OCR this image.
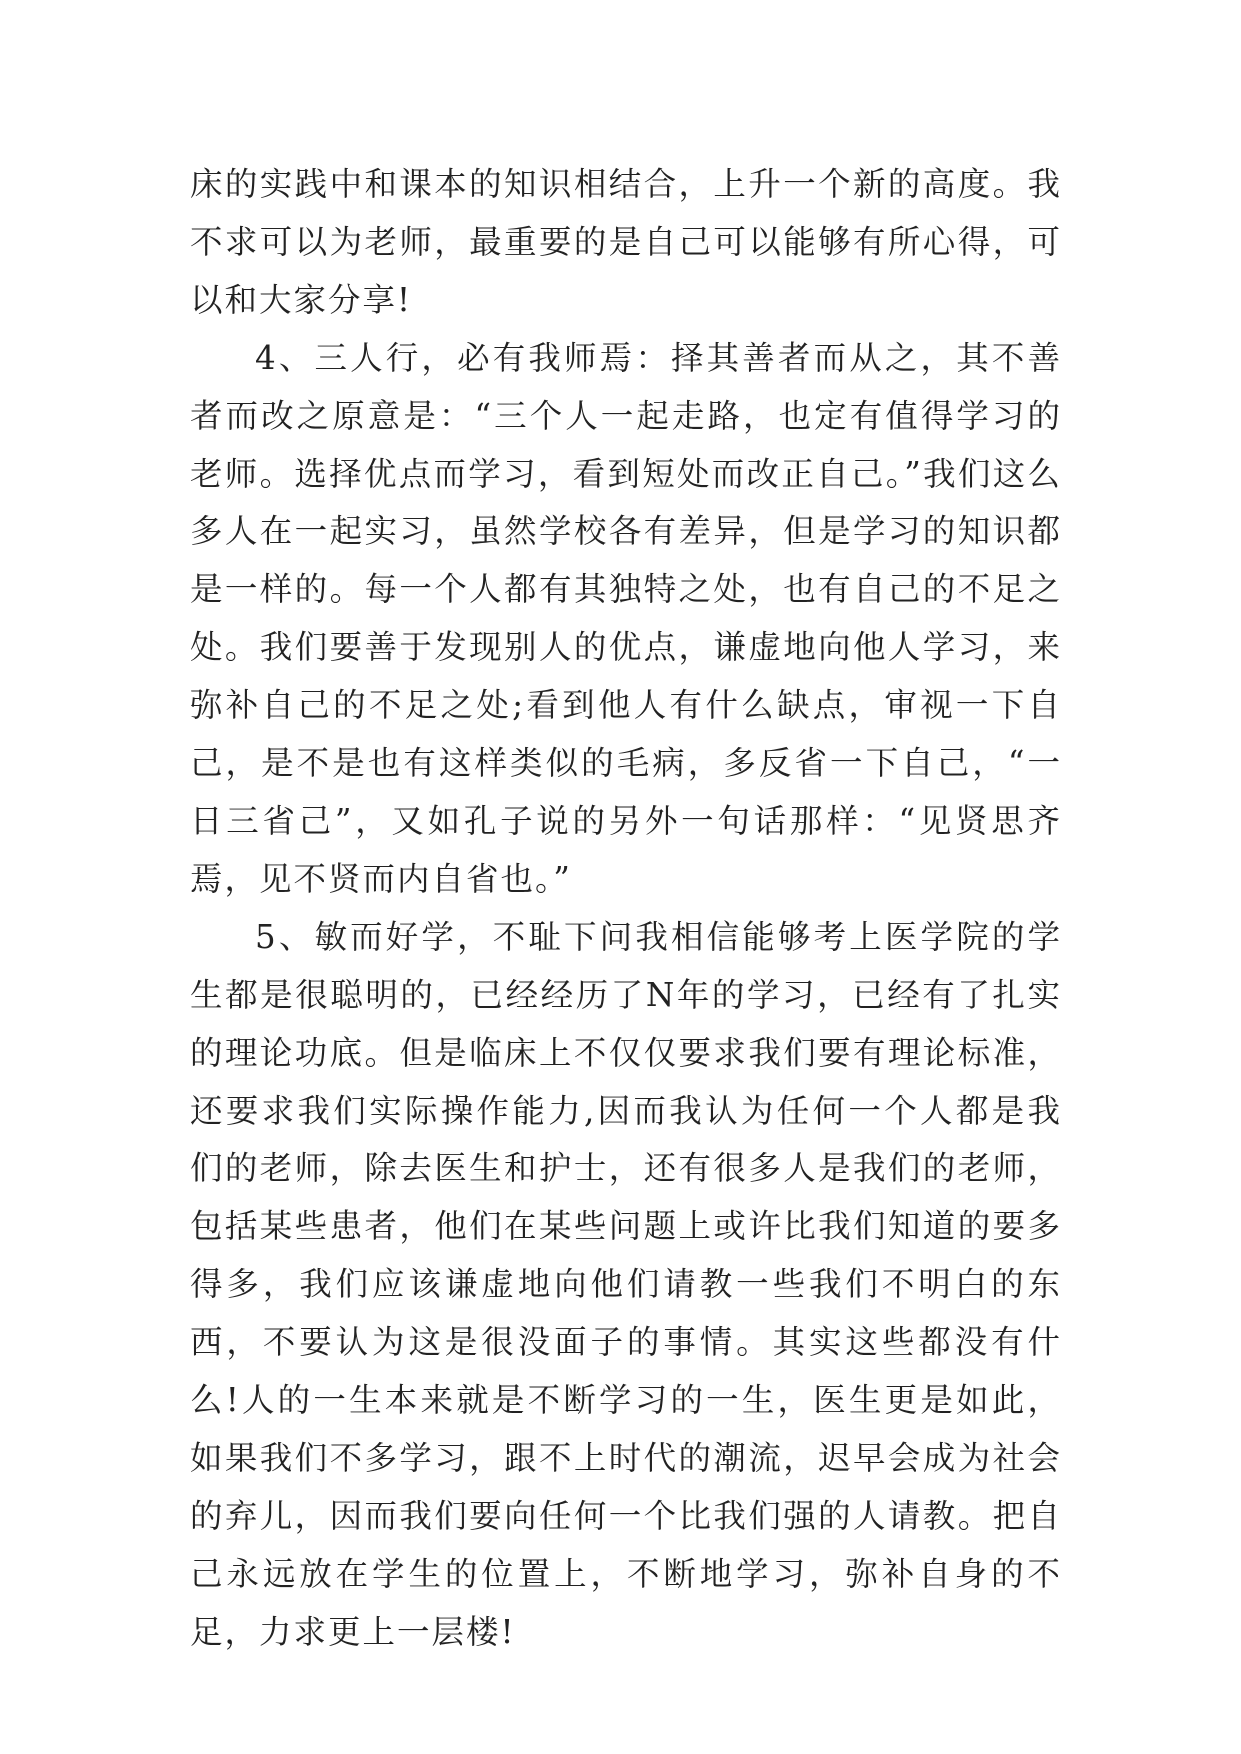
床的实践中和课本的知识相结合，上升一个新的高度。我不求可以为老师，最重要的是自己可以能够有所心得，可以和大家分享!

4、三人行，必有我师焉：择其善者而从之，其不善者而改之原意是：“三个人一起走路，也定有值得学习的老师。选择优点而学习，看到短处而改正自己。”我们这么多人在一起实习，虽然学校各有差异，但是学习的知识都是一样的。每一个人都有其独特之处，也有自己的不足之处。我们要善于发现别人的优点，谦虚地向他人学习，来弥补自己的不足之处;看到他人有什么缺点，审视一下自己，是不是也有这样类似的毛病，多反省一下自己，“一日三省己”，又如孔子说的另外一句话那样：“见贤思齐焉，见不贤而内自省也。”

5、敏而好学，不耻下问我相信能够考上医学院的学生都是很聪明的，已经经历了N年的学习，已经有了扎实的理论功底。但是临床上不仅仅要求我们要有理论标准，还要求我们实际操作能力,因而我认为任何一个人都是我们的老师，除去医生和护士，还有很多人是我们的老师，包括某些患者，他们在某些问题上或许比我们知道的要多得多，我们应该谦虚地向他们请教一些我们不明白的东西，不要认为这是很没面子的事情。其实这些都没有什么!人的一生本来就是不断学习的一生，医生更是如此，如果我们不多学习，跟不上时代的潮流，迟早会成为社会的弃儿，因而我们要向任何一个比我们强的人请教。把自己永远放在学生的位置上，不断地学习，弥补自身的不足，力求更上一层楼!
